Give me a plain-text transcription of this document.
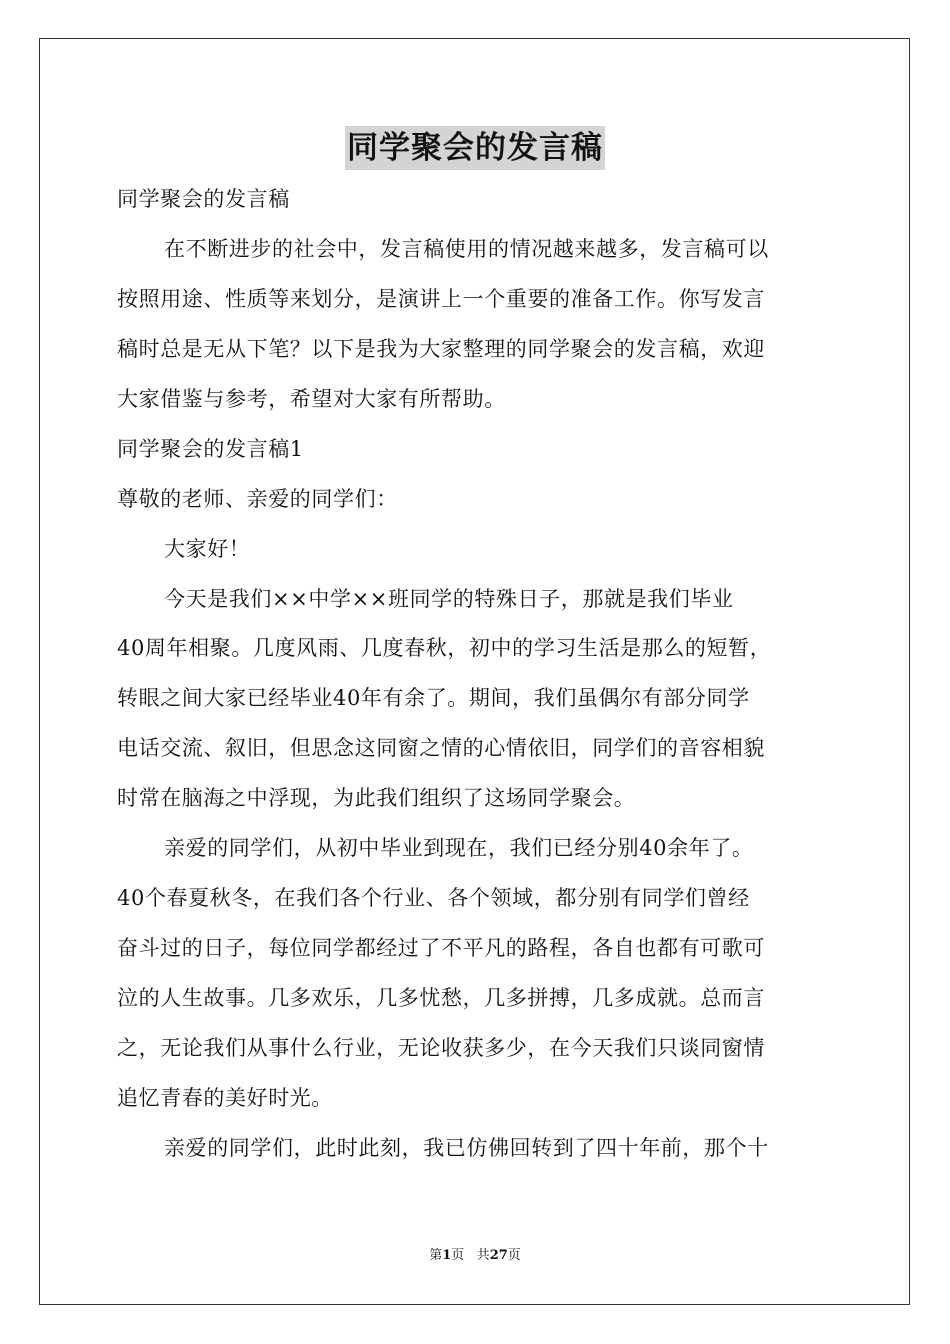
同学聚会的发言稿
同学聚会的发言稿
在不断进步的社会中，发言稿使用的情况越来越多，发言稿可以
按照用途、性质等来划分，是演讲上一个重要的准备工作。你写发言
稿时总是无从下笔？以下是我为大家整理的同学聚会的发言稿，欢迎
大家借鉴与参考，希望对大家有所帮助。
同学聚会的发言稿1
尊敬的老师、亲爱的同学们：
大家好！
今天是我们××中学××班同学的特殊日子，那就是我们毕业
40周年相聚。几度风雨、几度春秋，初中的学习生活是那么的短暂，
转眼之间大家已经毕业40年有余了。期间，我们虽偶尔有部分同学
电话交流、叙旧，但思念这同窗之情的心情依旧，同学们的音容相貌
时常在脑海之中浮现，为此我们组织了这场同学聚会。
亲爱的同学们，从初中毕业到现在，我们已经分别40余年了。
40个春夏秋冬，在我们各个行业、各个领域，都分别有同学们曾经
奋斗过的日子，每位同学都经过了不平凡的路程，各自也都有可歌可
泣的人生故事。几多欢乐，几多忧愁，几多拼搏，几多成就。总而言
之，无论我们从事什么行业，无论收获多少，在今天我们只谈同窗情
追忆青春的美好时光。
亲爱的同学们，此时此刻，我已仿佛回转到了四十年前，那个十
第1页 共27页
